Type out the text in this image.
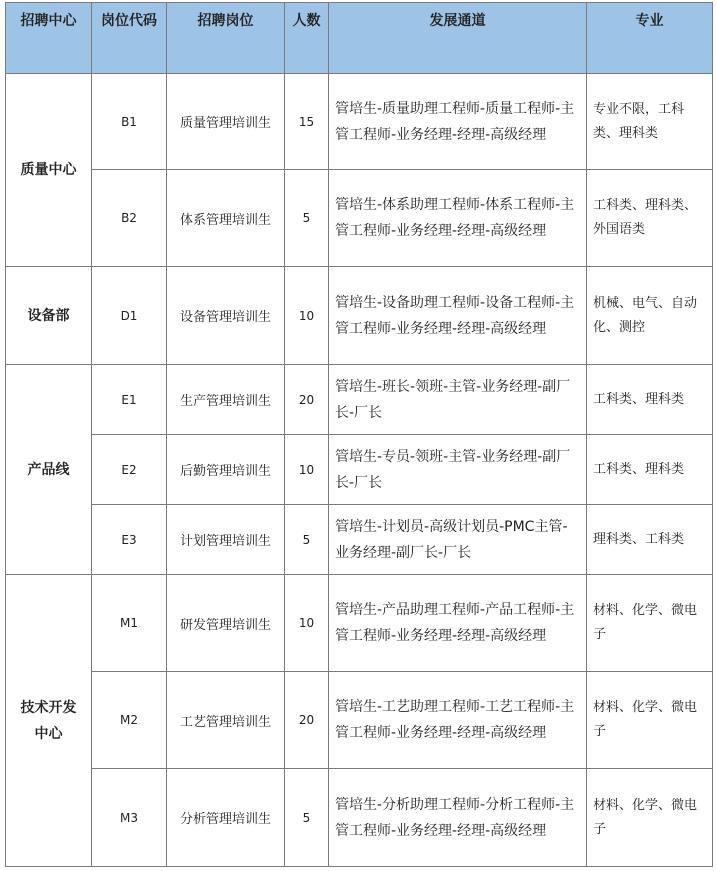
招聘中心	岗位代码	招聘岗位	人数	发展通道	专业
质量中心	B1	质量管理培训生	15	管培生-质量助理工程师-质量工程师-主管工程师-业务经理-经理-高级经理	专业不限，工科类、理科类
	B2	体系管理培训生	5	管培生-体系助理工程师-体系工程师-主管工程师-业务经理-经理-高级经理	工科类、理科类、外国语类
设备部	D1	设备管理培训生	10	管培生-设备助理工程师-设备工程师-主管工程师-业务经理-经理-高级经理	机械、电气、自动化、测控
产品线	E1	生产管理培训生	20	管培生-班长-领班-主管-业务经理-副厂长-厂长	工科类、理科类
	E2	后勤管理培训生	10	管培生-专员-领班-主管-业务经理-副厂长-厂长	工科类、理科类
	E3	计划管理培训生	5	管培生-计划员-高级计划员-PMC主管-业务经理-副厂长-厂长	理科类、工科类
技术开发中心	M1	研发管理培训生	10	管培生-产品助理工程师-产品工程师-主管工程师-业务经理-经理-高级经理	材料、化学、微电子
	M2	工艺管理培训生	20	管培生-工艺助理工程师-工艺工程师-主管工程师-业务经理-经理-高级经理	材料、化学、微电子
	M3	分析管理培训生	5	管培生-分析助理工程师-分析工程师-主管工程师-业务经理-经理-高级经理	材料、化学、微电子
